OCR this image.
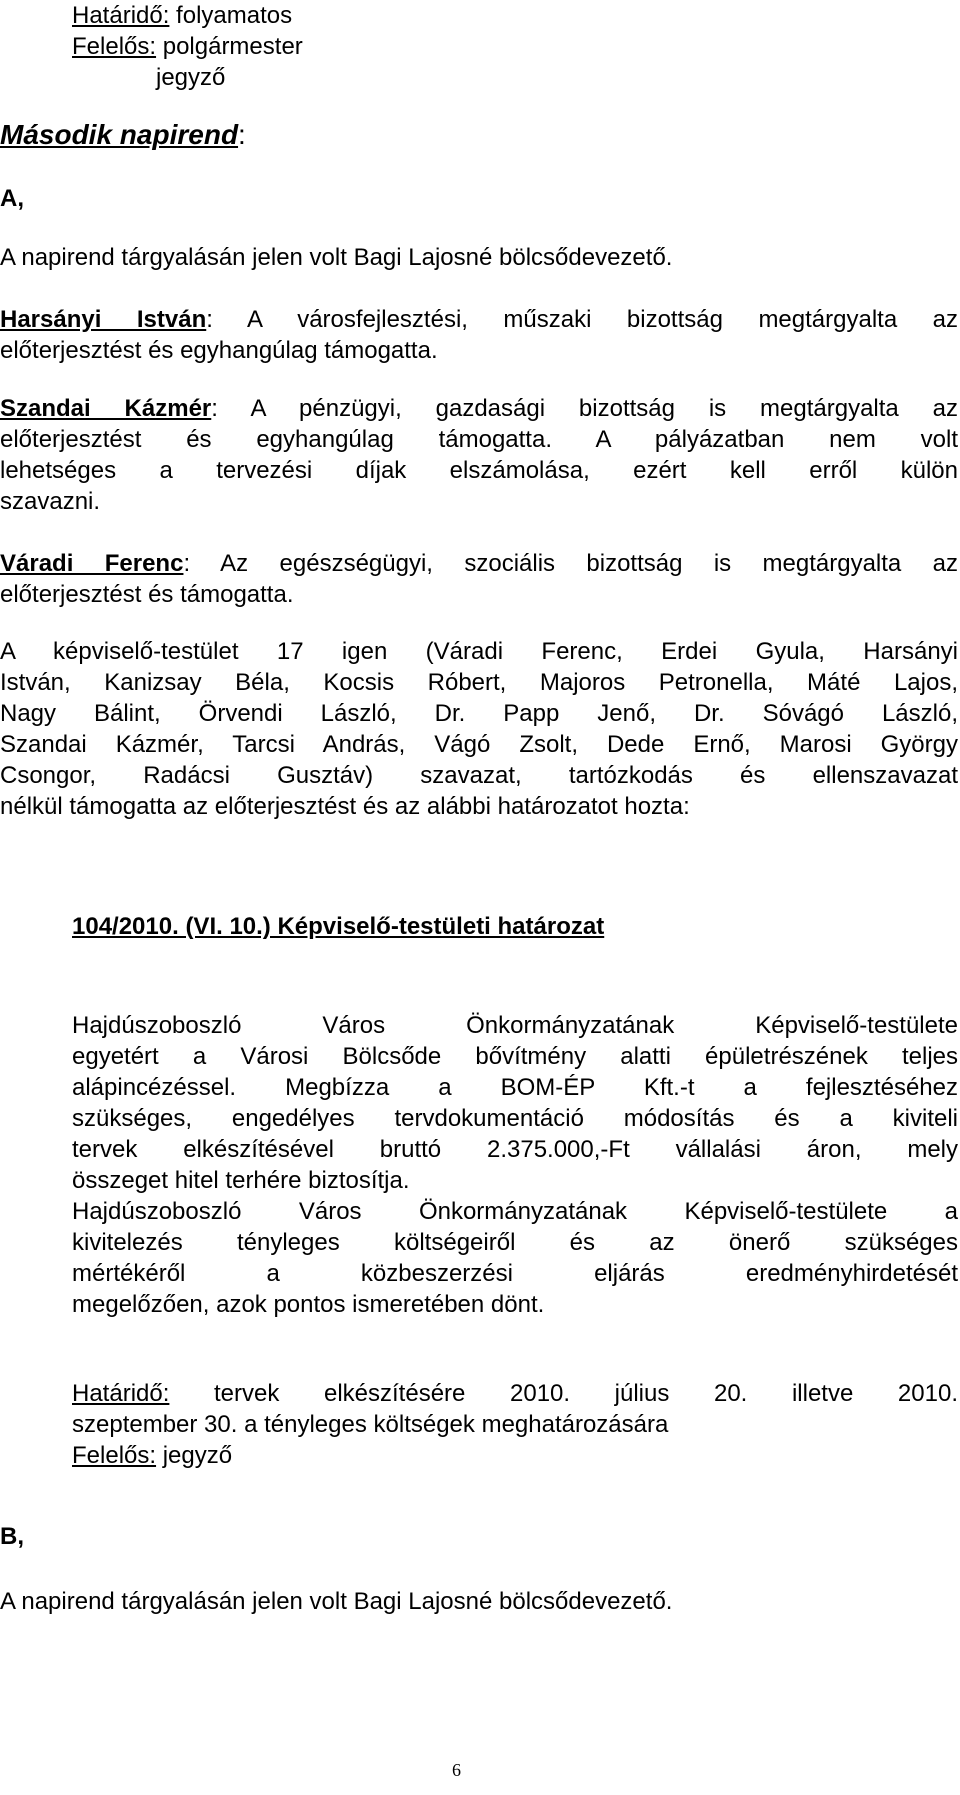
Határidő: folyamatos
Felelős: polgármester
jegyző
Második napirend:
A,
A napirend tárgyalásán jelen volt Bagi Lajosné bölcsődevezető.
Harsányi István: A városfejlesztési, műszaki bizottság megtárgyalta az
előterjesztést és egyhangúlag támogatta.
Szandai Kázmér: A pénzügyi, gazdasági bizottság is megtárgyalta az
előterjesztést és egyhangúlag támogatta. A pályázatban nem volt
lehetséges a tervezési díjak elszámolása, ezért kell erről külön
szavazni.
Váradi Ferenc: Az egészségügyi, szociális bizottság is megtárgyalta az
előterjesztést és támogatta.
A képviselő-testület 17 igen (Váradi Ferenc, Erdei Gyula, Harsányi
István, Kanizsay Béla, Kocsis Róbert, Majoros Petronella, Máté Lajos,
Nagy Bálint, Örvendi László, Dr. Papp Jenő, Dr. Sóvágó László,
Szandai Kázmér, Tarcsi András, Vágó Zsolt, Dede Ernő, Marosi György
Csongor, Radácsi Gusztáv) szavazat, tartózkodás és ellenszavazat
nélkül támogatta az előterjesztést és az alábbi határozatot hozta:
104/2010. (VI. 10.) Képviselő-testületi határozat
Hajdúszoboszló Város Önkormányzatának Képviselő-testülete
egyetért a Városi Bölcsőde bővítmény alatti épületrészének teljes
alápincézéssel. Megbízza a BOM-ÉP Kft.-t a fejlesztéséhez
szükséges, engedélyes tervdokumentáció módosítás és a kiviteli
tervek elkészítésével bruttó 2.375.000,-Ft vállalási áron, mely
összeget hitel terhére biztosítja.
Hajdúszoboszló Város Önkormányzatának Képviselő-testülete a
kivitelezés tényleges költségeiről és az önerő szükséges
mértékéről a közbeszerzési eljárás eredményhirdetését
megelőzően, azok pontos ismeretében dönt.
Határidő: tervek elkészítésére 2010. július 20. illetve 2010.
szeptember 30. a tényleges költségek meghatározására
Felelős: jegyző
B,
A napirend tárgyalásán jelen volt Bagi Lajosné bölcsődevezető.
6
